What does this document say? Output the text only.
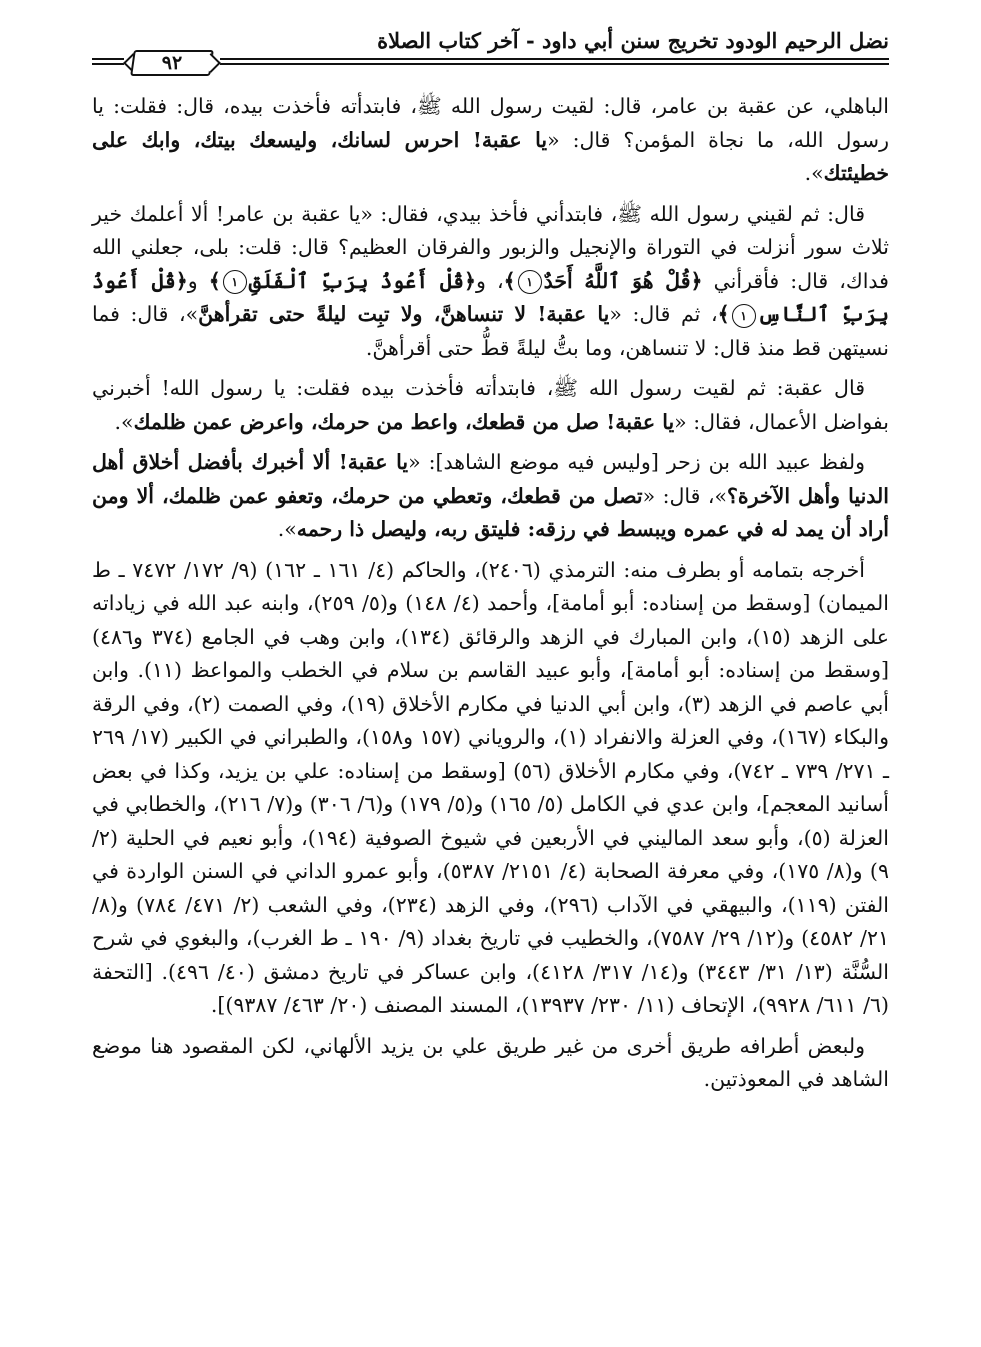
نضل الرحيم الودود تخريج سنن أبي داود - آخر كتاب الصلاة
٩٢

الباهلي، عن عقبة بن عامر، قال: لقيت رسول الله ﷺ، فابتدأته فأخذت بيده، قال: فقلت: يا رسول الله، ما نجاة المؤمن؟ قال: «يا عقبة! احرس لسانك، وليسعك بيتك، وابك على خطيئتك».

قال: ثم لقيني رسول الله ﷺ، فابتدأني فأخذ بيدي، فقال: «يا عقبة بن عامر! ألا أعلمك خير ثلاث سور أنزلت في التوراة والإنجيل والزبور والفرقان العظيم؟ قال: قلت: بلى، جعلني الله فداك، قال: فأقرأني ﴿قُلْ هُوَ ٱللَّهُ أَحَدٌ١﴾، و﴿قُلْ أَعُوذُ بِرَبِّ ٱلْفَلَقِ١﴾ و﴿قُلْ أَعُوذُ بِرَبِّ ٱلنَّاسِ١﴾، ثم قال: «يا عقبة! لا تنساهنَّ، ولا تبِت ليلةً حتى تقرأهنَّ»، قال: فما نسيتهن قط منذ قال: لا تنساهن، وما بتُّ ليلةً قطُّ حتى أقرأهنَّ.

قال عقبة: ثم لقيت رسول الله ﷺ، فابتدأته فأخذت بيده فقلت: يا رسول الله! أخبرني بفواضل الأعمال، فقال: «يا عقبة! صل من قطعك، واعط من حرمك، واعرض عمن ظلمك».

ولفظ عبيد الله بن زحر [وليس فيه موضع الشاهد]: «يا عقبة! ألا أخبرك بأفضل أخلاق أهل الدنيا وأهل الآخرة؟»، قال: «تصل من قطعك، وتعطي من حرمك، وتعفو عمن ظلمك، ألا ومن أراد أن يمد له في عمره ويبسط في رزقه: فليتق ربه، وليصل ذا رحمه».

أخرجه بتمامه أو بطرف منه: الترمذي (٢٤٠٦)، والحاكم (٤/ ١٦١ ـ ١٦٢) (٩/ ١٧٢/ ٧٤٧٢ ـ ط الميمان) [وسقط من إسناده: أبو أمامة]، وأحمد (٤/ ١٤٨) و(٥/ ٢٥٩)، وابنه عبد الله في زياداته على الزهد (١٥)، وابن المبارك في الزهد والرقائق (١٣٤)، وابن وهب في الجامع (٣٧٤ و٤٨٦) [وسقط من إسناده: أبو أمامة]، وأبو عبيد القاسم بن سلام في الخطب والمواعظ (١١). وابن أبي عاصم في الزهد (٣)، وابن أبي الدنيا في مكارم الأخلاق (١٩)، وفي الصمت (٢)، وفي الرقة والبكاء (١٦٧)، وفي العزلة والانفراد (١)، والروياني (١٥٧ و١٥٨)، والطبراني في الكبير (١٧/ ٢٦٩ ـ ٢٧١/ ٧٣٩ ـ ٧٤٢)، وفي مكارم الأخلاق (٥٦) [وسقط من إسناده: علي بن يزيد، وكذا في بعض أسانيد المعجم]، وابن عدي في الكامل (٥/ ١٦٥) و(٥/ ١٧٩) و(٦/ ٣٠٦) و(٧/ ٢١٦)، والخطابي في العزلة (٥)، وأبو سعد الماليني في الأربعين في شيوخ الصوفية (١٩٤)، وأبو نعيم في الحلية (٢/ ٩) و(٨/ ١٧٥)، وفي معرفة الصحابة (٤/ ٢١٥١/ ٥٣٨٧)، وأبو عمرو الداني في السنن الواردة في الفتن (١١٩)، والبيهقي في الآداب (٢٩٦)، وفي الزهد (٢٣٤)، وفي الشعب (٢/ ٤٧١/ ٧٨٤) و(٨/ ٢١/ ٤٥٨٢) و(١٢/ ٢٩/ ٧٥٨٧)، والخطيب في تاريخ بغداد (٩/ ١٩٠ ـ ط الغرب)، والبغوي في شرح السُّنَّة (١٣/ ٣١/ ٣٤٤٣) و(١٤/ ٣١٧/ ٤١٢٨)، وابن عساكر في تاريخ دمشق (٤٠/ ٤٩٦). [التحفة (٦/ ٦١١/ ٩٩٢٨)، الإتحاف (١١/ ٢٣٠/ ١٣٩٣٧)، المسند المصنف (٢٠/ ٤٦٣/ ٩٣٨٧)].

ولبعض أطرافه طريق أخرى من غير طريق علي بن يزيد الألهاني، لكن المقصود هنا موضع الشاهد في المعوذتين.
